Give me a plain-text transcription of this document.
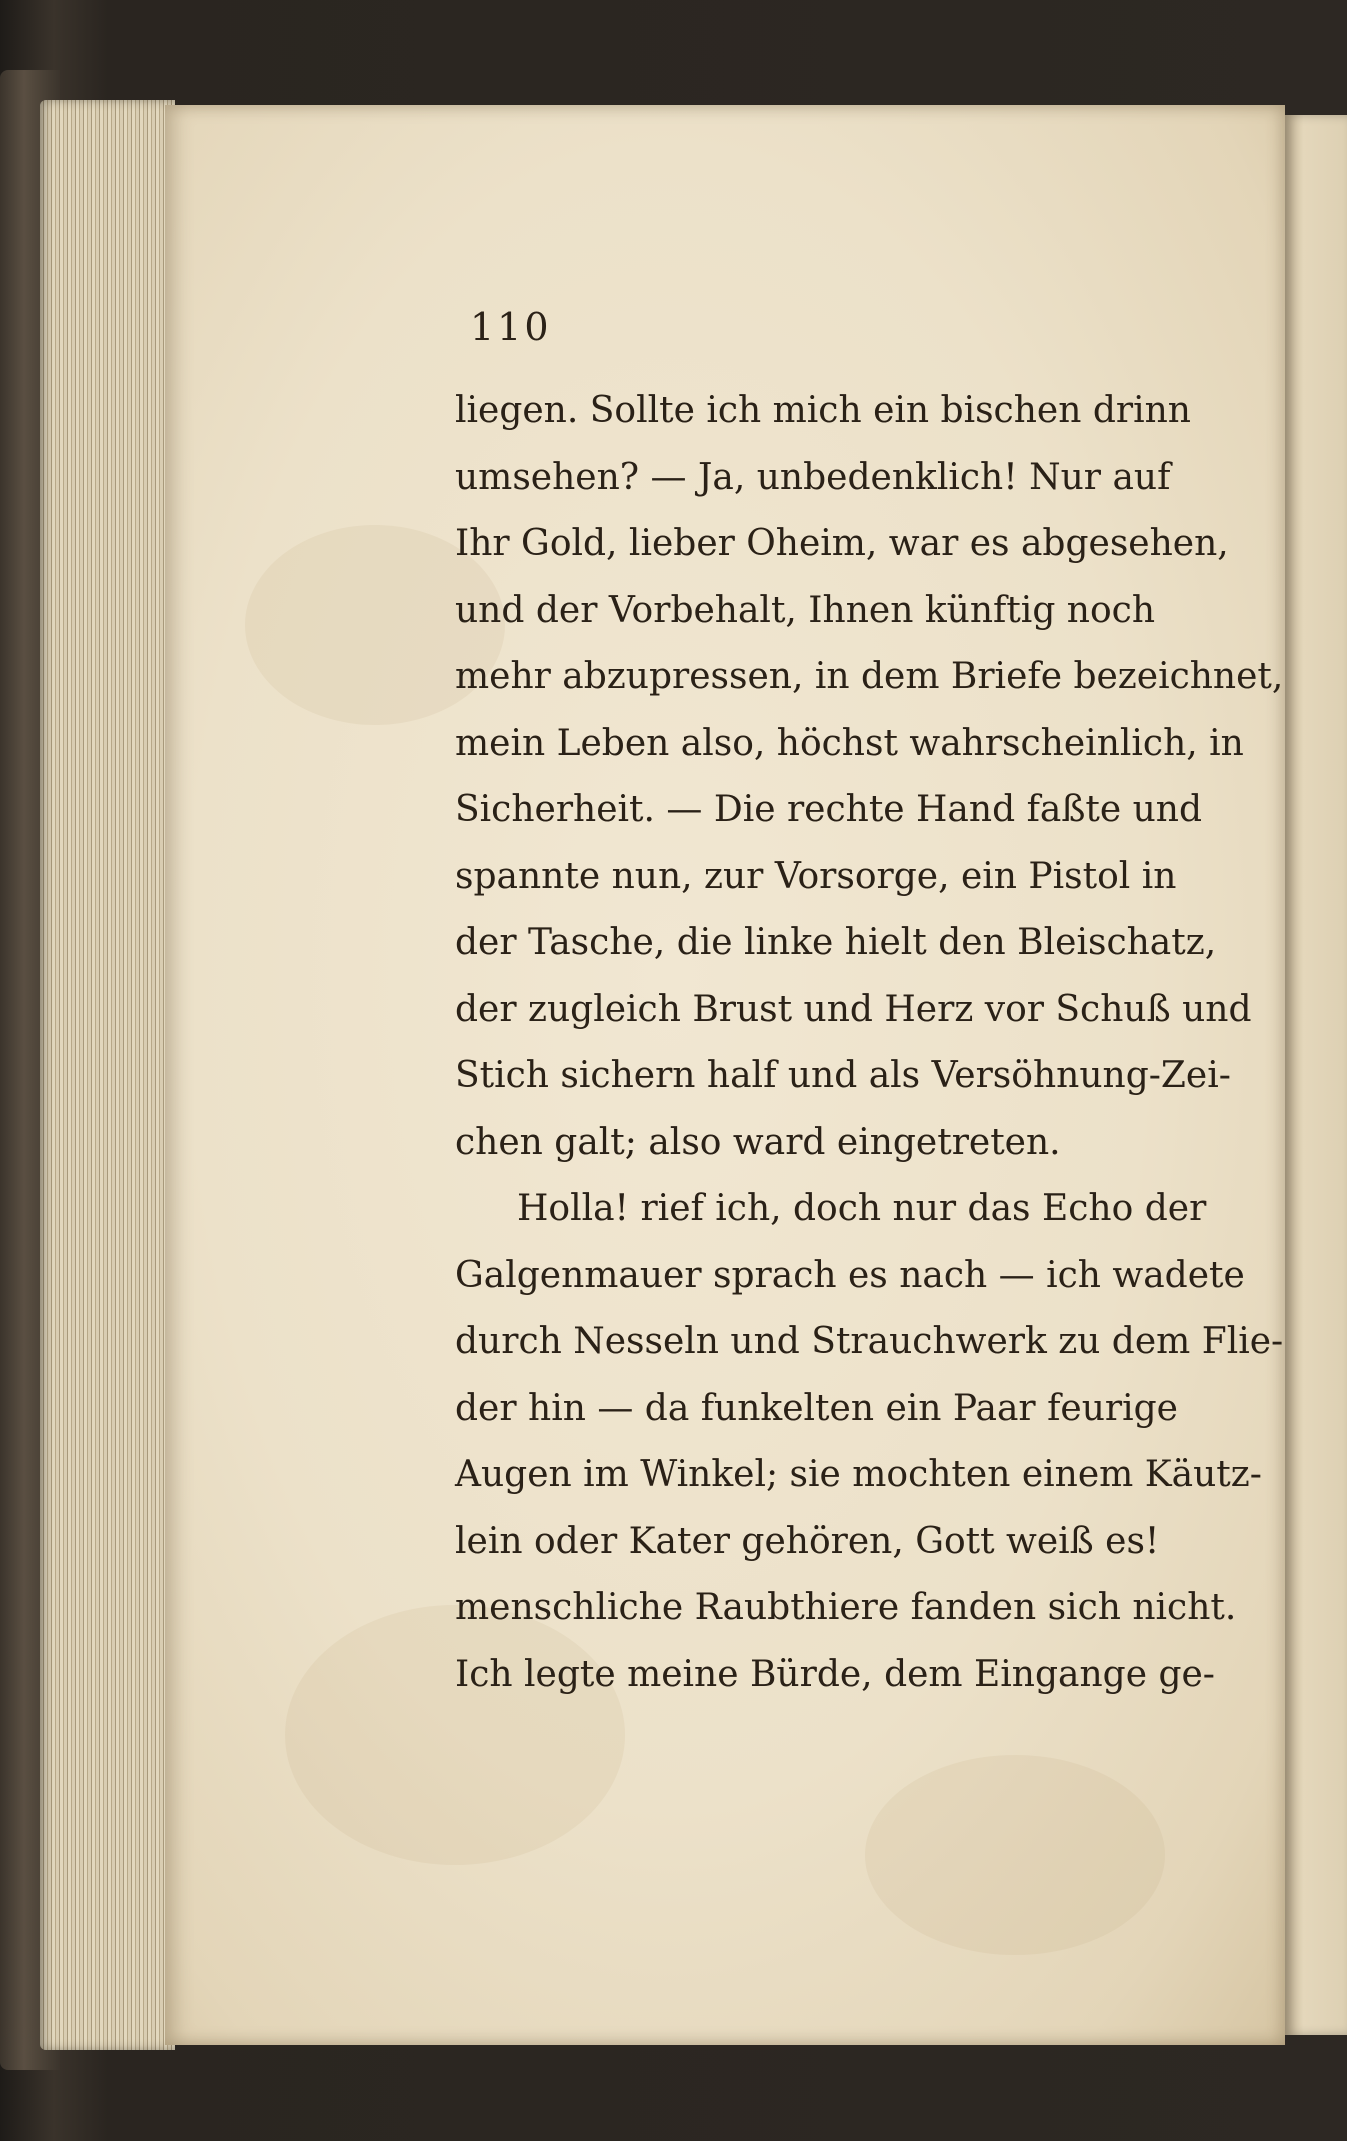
110
liegen. Sollte ich mich ein bischen drinn
umsehen? — Ja, unbedenklich! Nur auf
Ihr Gold, lieber Oheim, war es abgesehen,
und der Vorbehalt, Ihnen künftig noch
mehr abzupressen, in dem Briefe bezeichnet,
mein Leben also, höchst wahrscheinlich, in
Sicherheit. — Die rechte Hand faßte und
spannte nun, zur Vorsorge, ein Pistol in
der Tasche, die linke hielt den Bleischatz,
der zugleich Brust und Herz vor Schuß und
Stich sichern half und als Versöhnung-Zei-
chen galt; also ward eingetreten.
Holla! rief ich, doch nur das Echo der
Galgenmauer sprach es nach — ich wadete
durch Nesseln und Strauchwerk zu dem Flie-
der hin — da funkelten ein Paar feurige
Augen im Winkel; sie mochten einem Käutz-
lein oder Kater gehören, Gott weiß es!
menschliche Raubthiere fanden sich nicht.
Ich legte meine Bürde, dem Eingange ge-
